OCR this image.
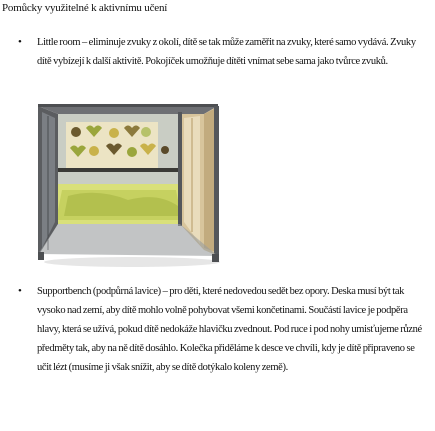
Pomůcky využitelné k aktivnímu učení
• Little room – eliminuje zvuky z okolí, dítě se tak může zaměřit na zvuky, které samo vydává. Zvuky dítě vybízejí k další aktivitě. Pokojíček umožňuje dítěti vnímat sebe sama jako tvůrce zvuků.
• Supportbench (podpůrná lavice) – pro děti, které nedovedou sedět bez opory. Deska musí být tak vysoko nad zemí, aby dítě mohlo volně pohybovat všemi končetinami. Součástí lavice je podpěra hlavy, která se užívá, pokud dítě nedokáže hlavičku zvednout. Pod ruce i pod nohy umisťujeme různé předměty tak, aby na ně dítě dosáhlo. Kolečka přiděláme k desce ve chvíli, kdy je dítě připraveno se učit lézt (musíme ji však snížit, aby se dítě dotýkalo koleny země).
